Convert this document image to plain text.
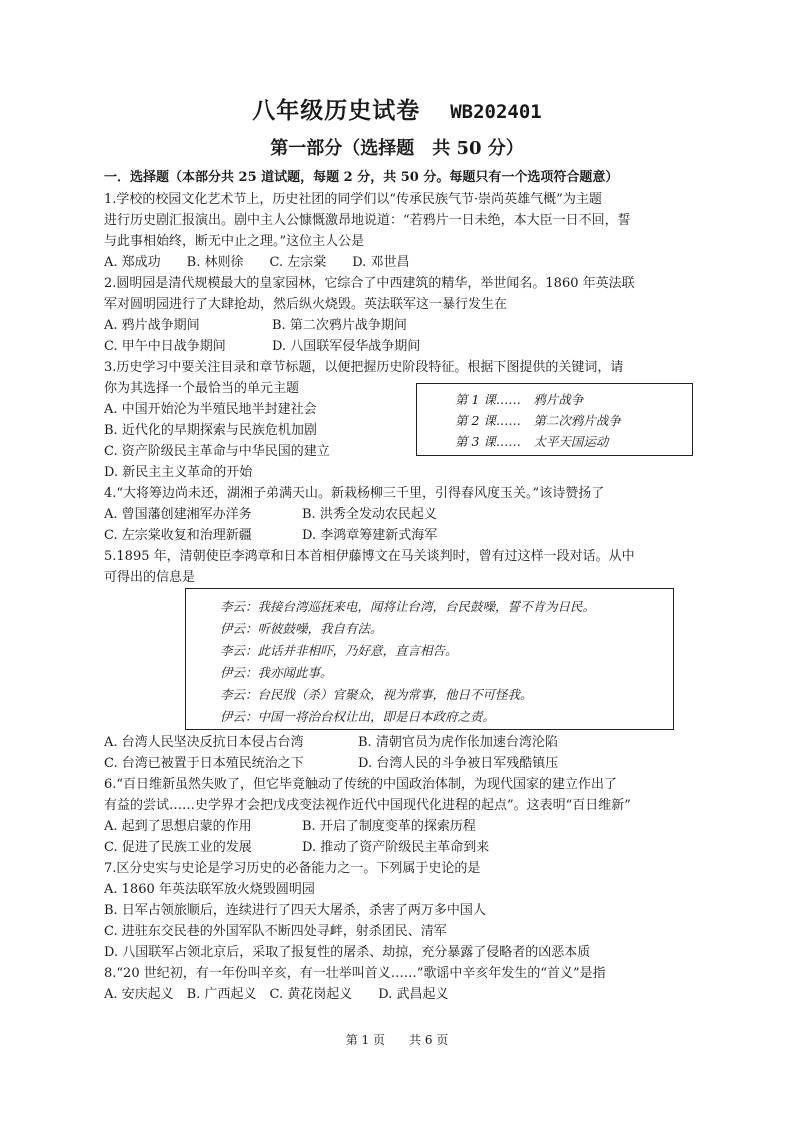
八年级历史试卷 WB202401
第一部分（选择题　共 50 分）
一．选择题（本部分共 25 道试题，每题 2 分，共 50 分。每题只有一个选项符合题意）
1.学校的校园文化艺术节上，历史社团的同学们以“传承民族气节·崇尚英雄气概”为主题
进行历史剧汇报演出。剧中主人公慷慨激昂地说道：“若鸦片一日未绝，本大臣一日不回，誓
与此事相始终，断无中止之理。”这位主人公是
A. 郑成功　　B. 林则徐　　C. 左宗棠　　D. 邓世昌
2.圆明园是清代规模最大的皇家园林，它综合了中西建筑的精华，举世闻名。1860 年英法联
军对圆明园进行了大肆抢劫，然后纵火烧毁。英法联军这一暴行发生在
A. 鸦片战争期间	B. 第二次鸦片战争期间
C. 甲午中日战争期间	D. 八国联军侵华战争期间
3.历史学习中要关注目录和章节标题，以便把握历史阶段特征。根据下图提供的关键词，请
你为其选择一个最恰当的单元主题
A. 中国开始沦为半殖民地半封建社会
B. 近代化的早期探索与民族危机加剧
C. 资产阶级民主革命与中华民国的建立
D. 新民主主义革命的开始
第 1 课……　鸦片战争
第 2 课……　第二次鸦片战争
第 3 课……　太平天国运动
4.“大将筹边尚未还，湖湘子弟满天山。新栽杨柳三千里，引得春风度玉关。”该诗赞扬了
A. 曾国藩创建湘军办洋务	B. 洪秀全发动农民起义
C. 左宗棠收复和治理新疆	D. 李鸿章筹建新式海军
5.1895 年，清朝使臣李鸿章和日本首相伊藤博文在马关谈判时，曾有过这样一段对话。从中
可得出的信息是
李云：我接台湾巡抚来电，闻将让台湾，台民鼓噪，誓不肯为日民。
伊云：听彼鼓噪，我自有法。
李云：此话并非相吓，乃好意，直言相告。
伊云：我亦闻此事。
李云：台民戕（杀）官聚众，视为常事，他日不可怪我。
伊云：中国一将治台权让出，即是日本政府之责。
A. 台湾人民坚决反抗日本侵占台湾	B. 清朝官员为虎作伥加速台湾沦陷
C. 台湾已被置于日本殖民统治之下	D. 台湾人民的斗争被日军残酷镇压
6.“百日维新虽然失败了，但它毕竟触动了传统的中国政治体制，为现代国家的建立作出了
有益的尝试……史学界才会把戊戌变法视作近代中国现代化进程的起点”。这表明“百日维新”
A. 起到了思想启蒙的作用	B. 开启了制度变革的探索历程
C. 促进了民族工业的发展	D. 推动了资产阶级民主革命到来
7.区分史实与史论是学习历史的必备能力之一。下列属于史论的是
A. 1860 年英法联军放火烧毁圆明园
B. 日军占领旅顺后，连续进行了四天大屠杀，杀害了两万多中国人
C. 进驻东交民巷的外国军队不断四处寻衅，射杀团民、清军
D. 八国联军占领北京后，采取了报复性的屠杀、劫掠，充分暴露了侵略者的凶恶本质
8.“20 世纪初，有一年份叫辛亥，有一壮举叫首义……”歌谣中辛亥年发生的“首义”是指
A. 安庆起义　B. 广西起义　C. 黄花岗起义　　D. 武昌起义
第 1 页　　共 6 页
